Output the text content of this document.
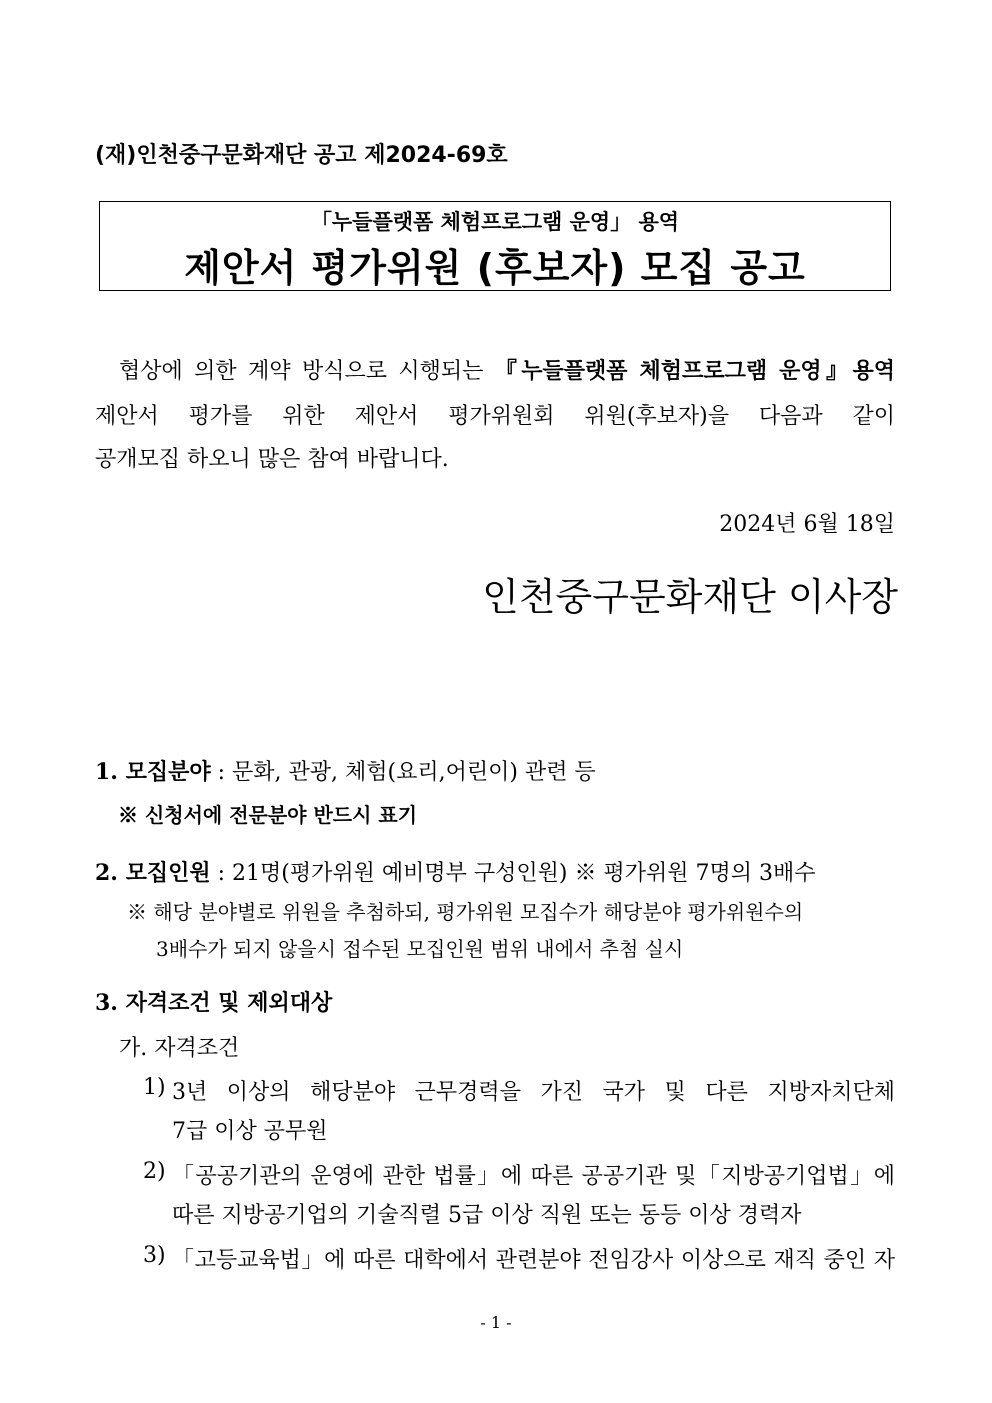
(재)인천중구문화재단 공고 제2024-69호
「누들플랫폼 체험프로그램 운영」 용역
제안서 평가위원 (후보자) 모집 공고
협상에 의한 계약 방식으로 시행되는 『누들플랫폼 체험프로그램 운영』용역
제안서 평가를 위한 제안서 평가위원회 위원(후보자)을 다음과 같이
공개모집 하오니 많은 참여 바랍니다.
2024년 6월 18일
인천중구문화재단 이사장
1. 모집분야 : 문화, 관광, 체험(요리,어린이) 관련 등
※ 신청서에 전문분야 반드시 표기
2. 모집인원 : 21명(평가위원 예비명부 구성인원) ※ 평가위원 7명의 3배수
※ 해당 분야별로 위원을 추첨하되, 평가위원 모집수가 해당분야 평가위원수의
3배수가 되지 않을시 접수된 모집인원 범위 내에서 추첨 실시
3. 자격조건 및 제외대상
가. 자격조건
1) 3년 이상의 해당분야 근무경력을 가진 국가 및 다른 지방자치단체
7급 이상 공무원
2) 「공공기관의 운영에 관한 법률」에 따른 공공기관 및「지방공기업법」에
따른 지방공기업의 기술직렬 5급 이상 직원 또는 동등 이상 경력자
3) 「고등교육법」에 따른 대학에서 관련분야 전임강사 이상으로 재직 중인 자
- 1 -
